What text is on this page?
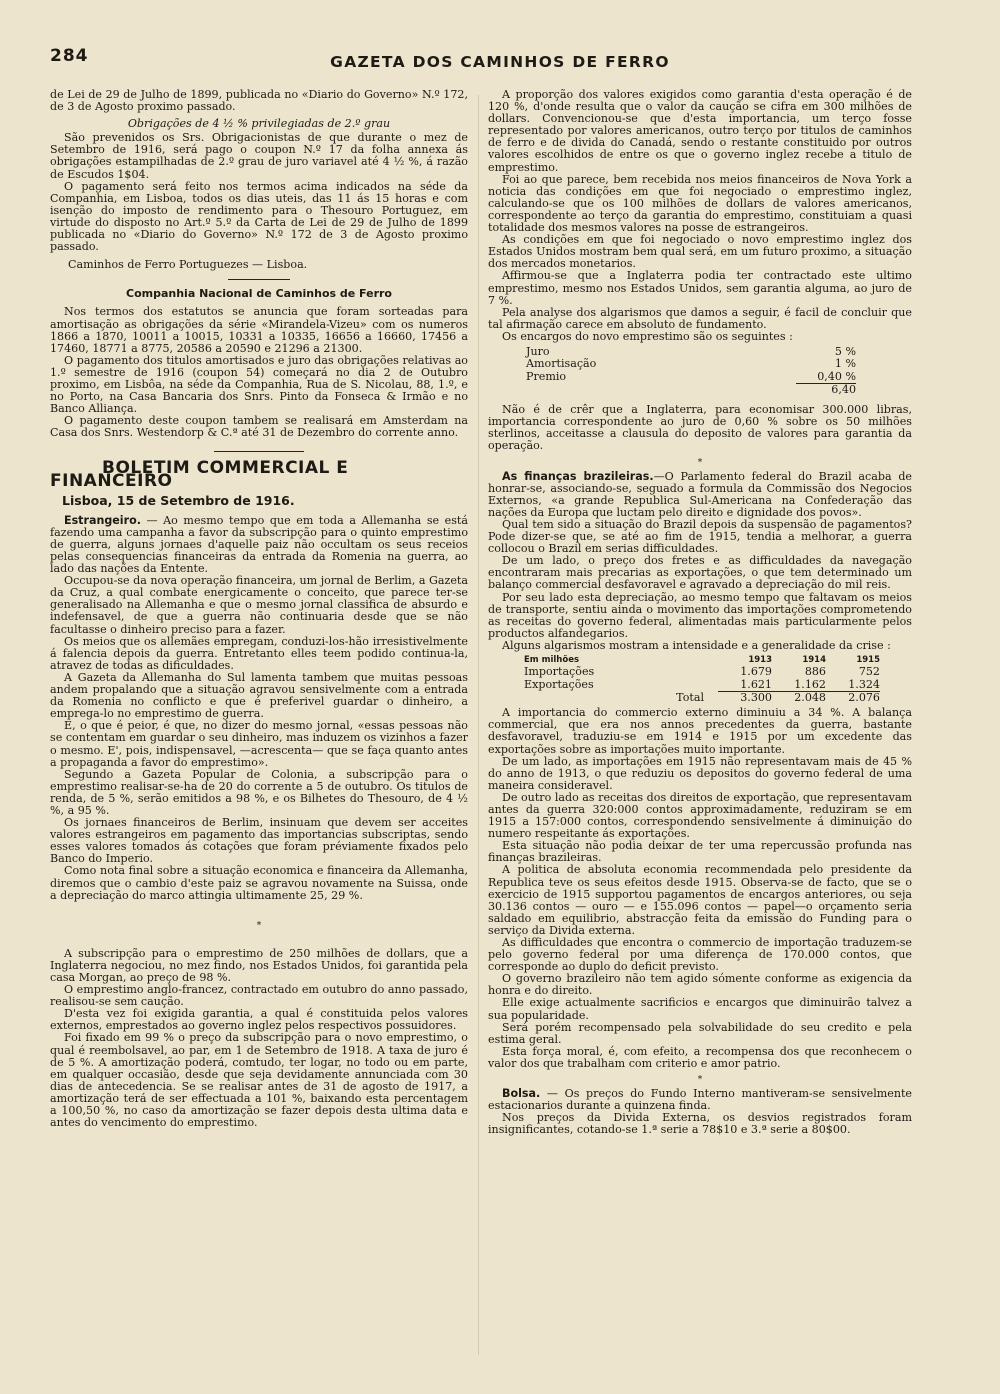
284	GAZETA DOS CAMINHOS DE FERRO

de Lei de 29 de Julho de 1899, publicada no «Diario do Governo» N.º 172, de 3 de Agosto proximo passado.

Obrigações de 4 ½ % privilegiadas de 2.º grau

São prevenidos os Srs. Obrigacionistas de que durante o mez de Setembro de 1916, será pago o coupon N.º 17 da folha annexa ás obrigações estampilhadas de 2.º grau de juro variavel até 4 ½ %, á razão de Escudos 1$04.

O pagamento será feito nos termos acima indicados na séde da Companhia, em Lisboa, todos os dias uteis, das 11 ás 15 horas e com isenção do imposto de rendimento para o Thesouro Portuguez, em virtude do disposto no Art.º 5.º da Carta de Lei de 29 de Julho de 1899 publicada no «Diario do Governo» N.º 172 de 3 de Agosto proximo passado.

Caminhos de Ferro Portuguezes — Lisboa.

Companhia Nacional de Caminhos de Ferro

Nos termos dos estatutos se anuncia que foram sorteadas para amortisação as obrigações da série «Mirandela-Vizeu» com os numeros 1866 a 1870, 10011 a 10015, 10331 a 10335, 16656 a 16660, 17456 a 17460, 18771 a 8775, 20586 a 20590 e 21296 a 21300.

O pagamento dos titulos amortisados e juro das obrigações relativas ao 1.º semestre de 1916 (coupon 54) começará no dia 2 de Outubro proximo, em Lisbôa, na séde da Companhia, Rua de S. Nicolau, 88, 1.º, e no Porto, na Casa Bancaria dos Snrs. Pinto da Fonseca & Irmão e no Banco Alliança.

O pagamento deste coupon tambem se realisará em Amsterdam na Casa dos Snrs. Westendorp & C.ª até 31 de Dezembro do corrente anno.

BOLETIM COMMERCIAL E FINANCEIRO
Lisboa, 15 de Setembro de 1916.

Estrangeiro. — Ao mesmo tempo que em toda a Allemanha se está fazendo uma campanha a favor da subscripção para o quinto emprestimo de guerra, alguns jornaes d'aquelle paiz não occultam os seus receios pelas consequencias financeiras da entrada da Romenia na guerra, ao lado das nações da Entente.

Occupou-se da nova operação financeira, um jornal de Berlim, a Gazeta da Cruz, a qual combate energicamente o conceito, que parece ter-se generalisado na Allemanha e que o mesmo jornal classifica de absurdo e indefensavel, de que a guerra não continuaria desde que se não facultasse o dinheiro preciso para a fazer.

Os meios que os allemães empregam, conduzi-los-hão irresistivelmente á falencia depois da guerra. Entretanto elles teem podido continua-la, atravez de todas as dificuldades.

A Gazeta da Allemanha do Sul lamenta tambem que muitas pessoas andem propalando que a situação agravou sensivelmente com a entrada da Romenia no conflicto e que é preferivel guardar o dinheiro, a emprega-lo no emprestimo de guerra.

E, o que é peior, é que, no dizer do mesmo jornal, «essas pessoas não se contentam em guardar o seu dinheiro, mas induzem os vizinhos a fazer o mesmo. E', pois, indispensavel, —acrescenta— que se faça quanto antes a propaganda a favor do emprestimo».

Segundo a Gazeta Popular de Colonia, a subscripção para o emprestimo realisar-se-ha de 20 do corrente a 5 de outubro. Os titulos de renda, de 5 %, serão emitidos a 98 %, e os Bilhetes do Thesouro, de 4 ½ %, a 95 %.

Os jornaes financeiros de Berlim, insinuam que devem ser acceites valores estrangeiros em pagamento das importancias subscriptas, sendo esses valores tomados ás cotações que foram préviamente fixados pelo Banco do Imperio.

Como nota final sobre a situação economica e financeira da Allemanha, diremos que o cambio d'este paiz se agravou novamente na Suissa, onde a depreciação do marco attingia ultimamente 25, 29 %.

*

A subscripção para o emprestimo de 250 milhões de dollars, que a Inglaterra negociou, no mez findo, nos Estados Unidos, foi garantida pela casa Morgan, ao preço de 98 %.

O emprestimo anglo-francez, contractado em outubro do anno passado, realisou-se sem caução.

D'esta vez foi exigida garantia, a qual é constituida pelos valores externos, emprestados ao governo inglez pelos respectivos possuidores.

Foi fixado em 99 % o preço da subscripção para o novo emprestimo, o qual é reembolsavel, ao par, em 1 de Setembro de 1918. A taxa de juro é de 5 %. A amortização poderá, comtudo, ter logar, no todo ou em parte, em qualquer occasião, desde que seja devidamente annunciada com 30 dias de antecedencia. Se se realisar antes de 31 de agosto de 1917, a amortização terá de ser effectuada a 101 %, baixando esta percentagem a 100,50 %, no caso da amortização se fazer depois desta ultima data e antes do vencimento do emprestimo.

A proporção dos valores exigidos como garantia d'esta operação é de 120 %, d'onde resulta que o valor da caução se cifra em 300 milhões de dollars. Convencionou-se que d'esta importancia, um terço fosse representado por valores americanos, outro terço por titulos de caminhos de ferro e de divida do Canadá, sendo o restante constituido por outros valores escolhidos de entre os que o governo inglez recebe a titulo de emprestimo.

Foi ao que parece, bem recebida nos meios financeiros de Nova York a noticia das condições em que foi negociado o emprestimo inglez, calculando-se que os 100 milhões de dollars de valores americanos, correspondente ao terço da garantia do emprestimo, constituiam a quasi totalidade dos mesmos valores na posse de estrangeiros.

As condições em que foi negociado o novo emprestimo inglez dos Estados Unidos mostram bem qual será, em um futuro proximo, a situação dos mercados monetarios.

Affirmou-se que a Inglaterra podia ter contractado este ultimo emprestimo, mesmo nos Estados Unidos, sem garantia alguma, ao juro de 7 %.

Pela analyse dos algarismos que damos a seguir, é facil de concluir que tal afirmação carece em absoluto de fundamento.

Os encargos do novo emprestimo são os seguintes :

Juro	5 %
Amortisação	1 %
Premio	0,40 %
	6,40

Não é de crêr que a Inglaterra, para economisar 300.000 libras, importancia correspondente ao juro de 0,60 % sobre os 50 milhões sterlinos, acceitasse a clausula do deposito de valores para garantia da operação.

*

As finanças brazileiras.—O Parlamento federal do Brazil acaba de honrar-se, associando-se, seguado a formula da Commissão dos Negocios Externos, «a grande Republica Sul-Americana na Confederação das nações da Europa que luctam pelo direito e dignidade dos povos».

Qual tem sido a situação do Brazil depois da suspensão de pagamentos? Pode dizer-se que, se até ao fim de 1915, tendia a melhorar, a guerra collocou o Brazil em serias difficuldades.

De um lado, o preço dos fretes e as difficuldades da navegação encontraram mais precarias as exportações, o que tem determinado um balanço commercial desfavoravel e agravado a depreciação do mil reis.

Por seu lado esta depreciação, ao mesmo tempo que faltavam os meios de transporte, sentiu ainda o movimento das importações comprometendo as receitas do governo federal, alimentadas mais particularmente pelos productos alfandegarios.

Alguns algarismos mostram a intensidade e a generalidade da crise :

Em milhões	1913	1914	1915
Importações	1.679	886	752
Exportações	1.621	1.162	1.324
Total	3.300	2.048	2.076

A importancia do commercio externo diminuiu a 34 %. A balança commercial, que era nos annos precedentes da guerra, bastante desfavoravel, traduziu-se em 1914 e 1915 por um excedente das exportações sobre as importações muito importante.

De um lado, as importações em 1915 não representavam mais de 45 % do anno de 1913, o que reduziu os depositos do governo federal de uma maneira consideravel.

De outro lado as receitas dos direitos de exportação, que representavam antes da guerra 320:000 contos approximadamente, reduziram se em 1915 a 157:000 contos, correspondendo sensivelmente á diminuição do numero respeitante ás exportações.

Esta situação não podia deixar de ter uma repercussão profunda nas finanças brazileiras.

A politica de absoluta economia recommendada pelo presidente da Republica teve os seus efeitos desde 1915. Observa-se de facto, que se o exercicio de 1915 supportou pagamentos de encargos anteriores, ou seja 30.136 contos — ouro — e 155.096 contos — papel—o orçamento seria saldado em equilibrio, abstracção feita da emissão do Funding para o serviço da Divida externa.

As difficuldades que encontra o commercio de importação traduzem-se pelo governo federal por uma diferença de 170.000 contos, que corresponde ao duplo do deficit previsto.

O governo brazileiro não tem agido sómente conforme as exigencia da honra e do direito.

Elle exige actualmente sacrificios e encargos que diminuirão talvez a sua popularidade.

Será porém recompensado pela solvabilidade do seu credito e pela estima geral.

Esta força moral, é, com efeito, a recompensa dos que reconhecem o valor dos que trabalham com criterio e amor patrio.

*

Bolsa. — Os preços do Fundo Interno mantiveram-se sensivelmente estacionarios durante a quinzena finda.

Nos preços da Divida Externa, os desvios registrados foram insignificantes, cotando-se 1.ª serie a 78$10 e 3.ª serie a 80$00.
